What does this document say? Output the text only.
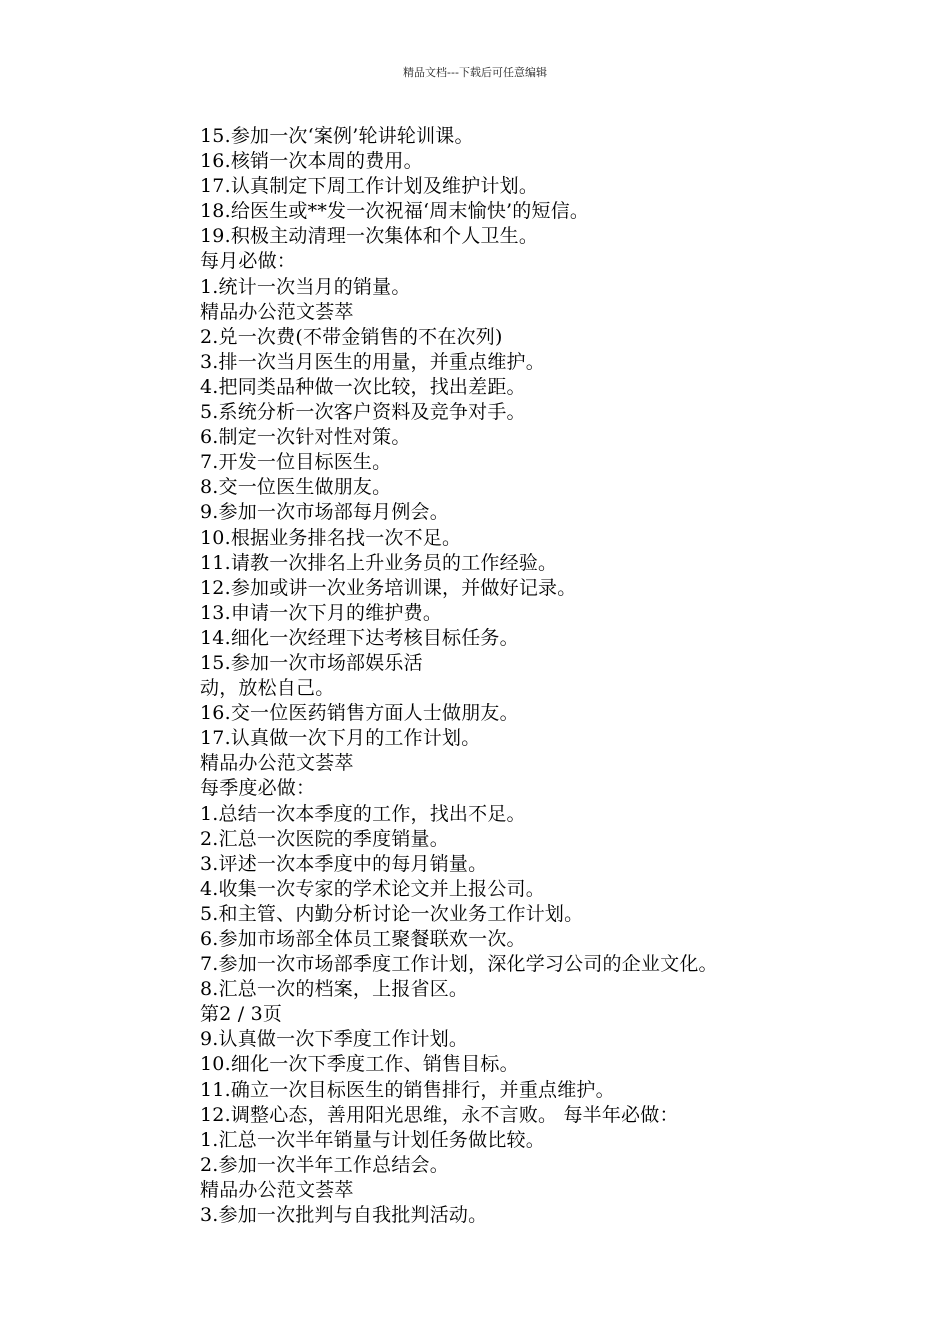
精品文档---下载后可任意编辑
15.参加一次‘案例’轮讲轮训课。
16.核销一次本周的费用。
17.认真制定下周工作计划及维护计划。
18.给医生或**发一次祝福‘周末愉快’的短信。
19.积极主动清理一次集体和个人卫生。
每月必做：
1.统计一次当月的销量。
精品办公范文荟萃
2.兑一次费(不带金销售的不在次列)
3.排一次当月医生的用量，并重点维护。
4.把同类品种做一次比较，找出差距。
5.系统分析一次客户资料及竞争对手。
6.制定一次针对性对策。
7.开发一位目标医生。
8.交一位医生做朋友。
9.参加一次市场部每月例会。
10.根据业务排名找一次不足。
11.请教一次排名上升业务员的工作经验。
12.参加或讲一次业务培训课，并做好记录。
13.申请一次下月的维护费。
14.细化一次经理下达考核目标任务。
15.参加一次市场部娱乐活
动，放松自己。
16.交一位医药销售方面人士做朋友。
17.认真做一次下月的工作计划。
精品办公范文荟萃
每季度必做：
1.总结一次本季度的工作，找出不足。
2.汇总一次医院的季度销量。
3.评述一次本季度中的每月销量。
4.收集一次专家的学术论文并上报公司。
5.和主管、内勤分析讨论一次业务工作计划。
6.参加市场部全体员工聚餐联欢一次。
7.参加一次市场部季度工作计划，深化学习公司的企业文化。
8.汇总一次的档案，上报省区。
第2 / 3页
9.认真做一次下季度工作计划。
10.细化一次下季度工作、销售目标。
11.确立一次目标医生的销售排行，并重点维护。
12.调整心态，善用阳光思维，永不言败。 每半年必做：
1.汇总一次半年销量与计划任务做比较。
2.参加一次半年工作总结会。
精品办公范文荟萃
3.参加一次批判与自我批判活动。
